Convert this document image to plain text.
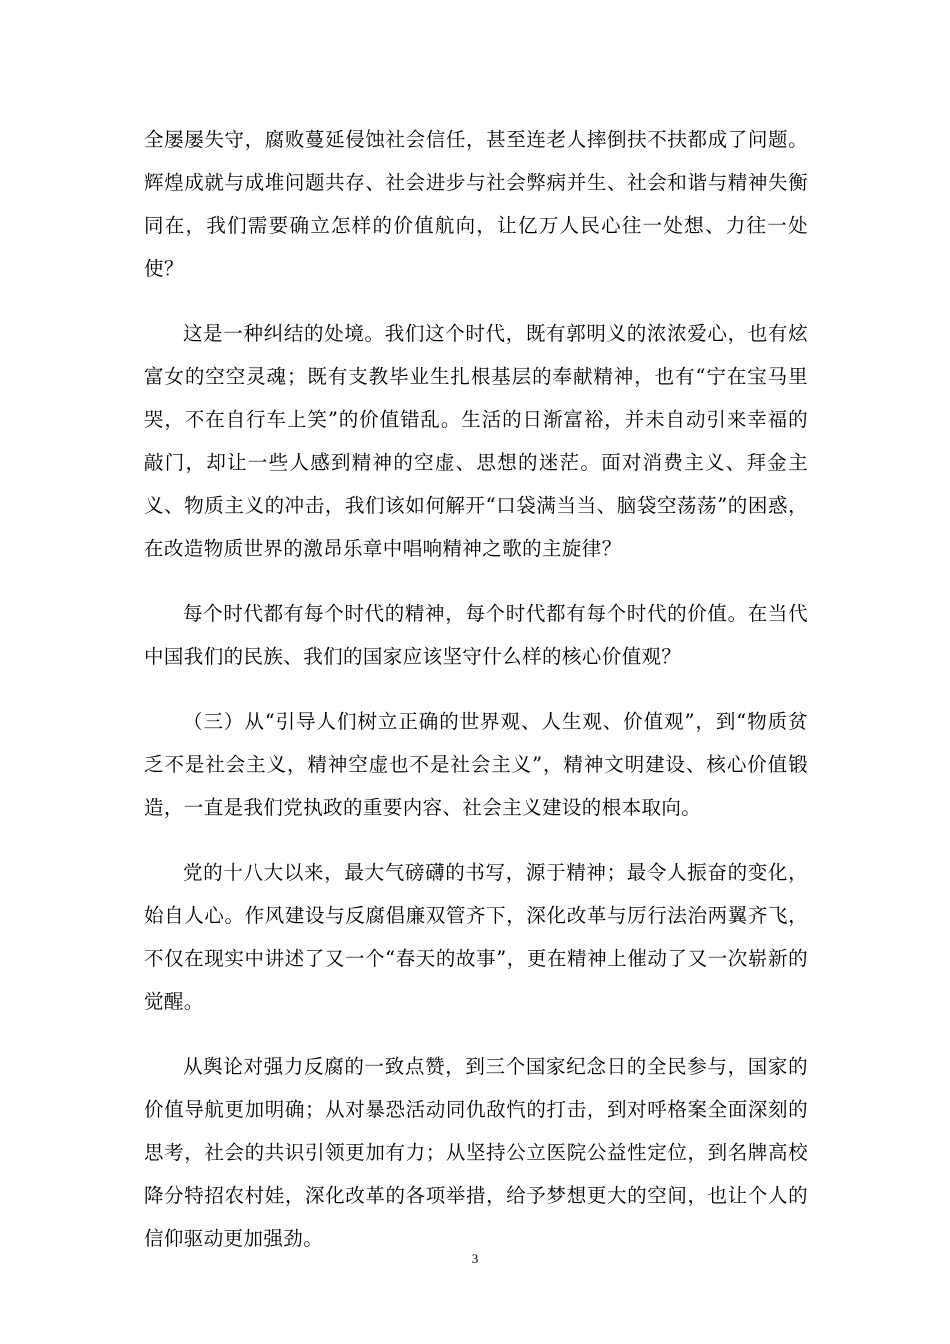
全屡屡失守，腐败蔓延侵蚀社会信任，甚至连老人摔倒扶不扶都成了问题。辉煌成就与成堆问题共存、社会进步与社会弊病并生、社会和谐与精神失衡同在，我们需要确立怎样的价值航向，让亿万人民心往一处想、力往一处使？

这是一种纠结的处境。我们这个时代，既有郭明义的浓浓爱心，也有炫富女的空空灵魂；既有支教毕业生扎根基层的奉献精神，也有“宁在宝马里哭，不在自行车上笑”的价值错乱。生活的日渐富裕，并未自动引来幸福的敲门，却让一些人感到精神的空虚、思想的迷茫。面对消费主义、拜金主义、物质主义的冲击，我们该如何解开“口袋满当当、脑袋空荡荡”的困惑，在改造物质世界的激昂乐章中唱响精神之歌的主旋律？

每个时代都有每个时代的精神，每个时代都有每个时代的价值。在当代中国我们的民族、我们的国家应该坚守什么样的核心价值观？

（三）从“引导人们树立正确的世界观、人生观、价值观”，到“物质贫乏不是社会主义，精神空虚也不是社会主义”，精神文明建设、核心价值锻造，一直是我们党执政的重要内容、社会主义建设的根本取向。

党的十八大以来，最大气磅礴的书写，源于精神；最令人振奋的变化，始自人心。作风建设与反腐倡廉双管齐下，深化改革与厉行法治两翼齐飞，不仅在现实中讲述了又一个“春天的故事”，更在精神上催动了又一次崭新的觉醒。

从舆论对强力反腐的一致点赞，到三个国家纪念日的全民参与，国家的价值导航更加明确；从对暴恐活动同仇敌忾的打击，到对呼格案全面深刻的思考，社会的共识引领更加有力；从坚持公立医院公益性定位，到名牌高校降分特招农村娃，深化改革的各项举措，给予梦想更大的空间，也让个人的信仰驱动更加强劲。

3
